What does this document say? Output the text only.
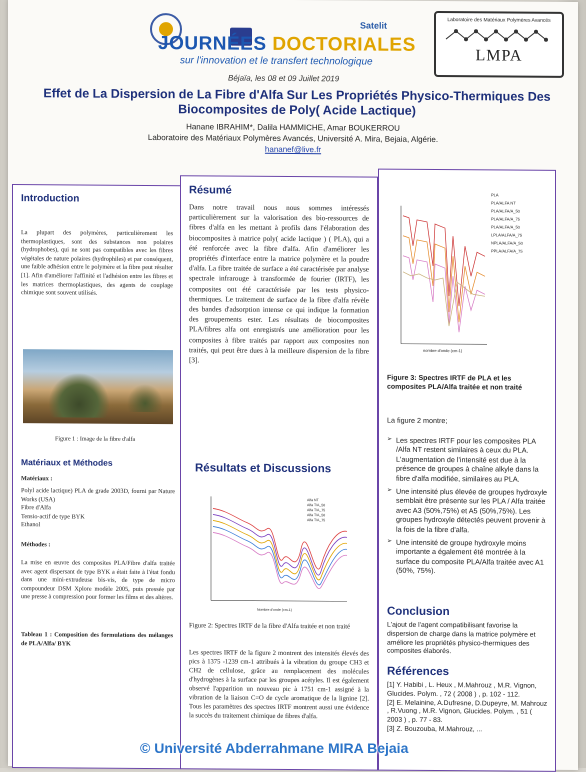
Satelit
JOURNÉES DOCTORIALES
sur l'innovation et le transfert technologique
Béjaïa, les 08 et 09 Juillet 2019
Laboratoire des Matériaux Polymères Avancés
LMPA
Effet de La Dispersion de La Fibre d'Alfa Sur Les Propriétés Physico-Thermiques Des
Biocomposites de Poly( Acide Lactique)
Hanane IBRAHIM*, Dalila HAMMICHE, Amar BOUKERROU
Laboratoire des Matériaux Polymères Avancés, Université A. Mira, Bejaia, Algérie.
hananef@live.fr
Introduction
La plupart des polymères, particulièrement les thermoplastiques, sont des substances non polaires (hydrophobes), qui ne sont pas compatibles avec les fibres végétales de nature polaires (hydrophiles) et par conséquent, une faible adhésion entre le polymère et la fibre peut résulter [1]. Afin d'améliorer l'affinité et l'adhésion entre les fibres et les matrices thermoplastiques, des agents de couplage chimique sont souvent utilisés.
Figure 1 : Image de la fibre d'alfa
Matériaux et Méthodes
Matériaux :
Polyl acide lactique) PLA de grade 2003D, fourni par Nature Works (USA)
Fibre d'Alfa
Tensio-actif de type BYK
Ethanol
Méthodes :
La mise en œuvre des composites PLA/Fibre d'alfa traitée avec agent dispersant de type BYK a était faite à l'état fondu dans une mini-extrudeuse bis-vis, de type de micro compoundeur DSM Xplore modèle 2005, puis pressée par une presse à compression pour former les films et des altères.
Tableau 1 : Composition des formulations des mélanges de PLA/Alfa/ BYK
Résumé
Dans notre travail nous nous sommes intéressés particulièrement sur la valorisation des bio-ressources de fibres d'alfa en les mettant à profils dans l'élaboration des biocomposites à matrice poly( acide lactique ) ( PLA), qui a été renforcée avec la fibre d'alfa. Afin d'améliorer les propriétés d'interface entre la matrice polymère et la poudre d'alfa. La fibre traitée de surface a été caractérisée par analyse spectrale infrarouge à transformée de fourier (IRTF), les composites ont été caractérisée par les tests physico-thermiques. Le traitement de surface de la fibre d'alfa révèle des bandes d'adsorption intense ce qui indique la formation des groupements ester. Les résultats de biocomposites PLA/fibres alfa ont enregistrés une amélioration pour les composites à fibre traités par rapport aux composites non traités, qui peut être dues à la meilleure dispersion de la fibre [3].
Résultats et Discussions
Alfa NT
Alfa T/A_50
Alfa T/A_75
Alfa T/A_50
Alfa T/A_75
Nombre d'onde (cm-1)
Figure 2: Spectres IRTF de la fibre d'Alfa traitée et non traité
Les spectres IRTF de la figure 2 montrent des intensités élevés des pics à 1375 -1239 cm-1 attribués à la vibration du groupe CH3 et CH2 de cellulose, grâce au remplacement des molécules d'hydrogènes à la surface par les groupes acétyles. Il est également observé l'apparition un nouveau pic à 1751 cm-1 assigné à la vibration de la liaison C=O de cycle aromatique de la lignine [2]. Tous les paramètres des spectres IRTF montrent aussi une évidence la succès du traitement chimique de fibres d'alfa.
PLA
PLA/ALFA NT
PLA/ALFA/A_50
PLA/ALFA/A_75
PLA/ALFA/A_50
LPLA/ALFA/A_75
NPLA/ALFA/A_50
PPLA/ALFA/A_75
nombre d'onde (cm-1)
Figure 3: Spectres IRTF de PLA et les composites PLA/Alfa traitée et non traité
La figure 2 montre;
➢ Les spectres IRTF pour les composites PLA /Alfa NT restent similaires à ceux du PLA. L'augmentation de l'intensité est due à la présence de groupes à chaîne alkyle dans la fibre d'alfa modifiée, similaires au PLA.
➢ Une intensité plus élevée de groupes hydroxyle semblait être présente sur les PLA / Alfa traitée avec A3 (50%,75%) et A5 (50%,75%). Les groupes hydroxyle détectés peuvent provenir à la fois de la fibre d'alfa.
➢ Une intensité de groupe hydroxyle moins importante a également été montrée à la surface du composite PLA/Alfa traitée avec A1 (50%, 75%).
Conclusion
L'ajout de l'agent compatibilisant favorise la dispersion de charge dans la matrice polymère et améliore les propriétés physico-thermiques des composites élaborés.
Références
[1] Y. Habibi , L. Heux , M.Mahrouz , M.R. Vignon, Glucides. Polym. , 72 ( 2008 ) , p. 102 - 112.
[2] E. Melainine, A.Dufresne, D.Dupeyre, M. Mahrouz , R.Vuong , M.R. Vignon, Glucides. Polym. , 51 ( 2003 ) , p. 77 - 83.
[3] Z. Bouzouba, M.Mahrouz, ...
© Université Abderrahmane MIRA Bejaia
